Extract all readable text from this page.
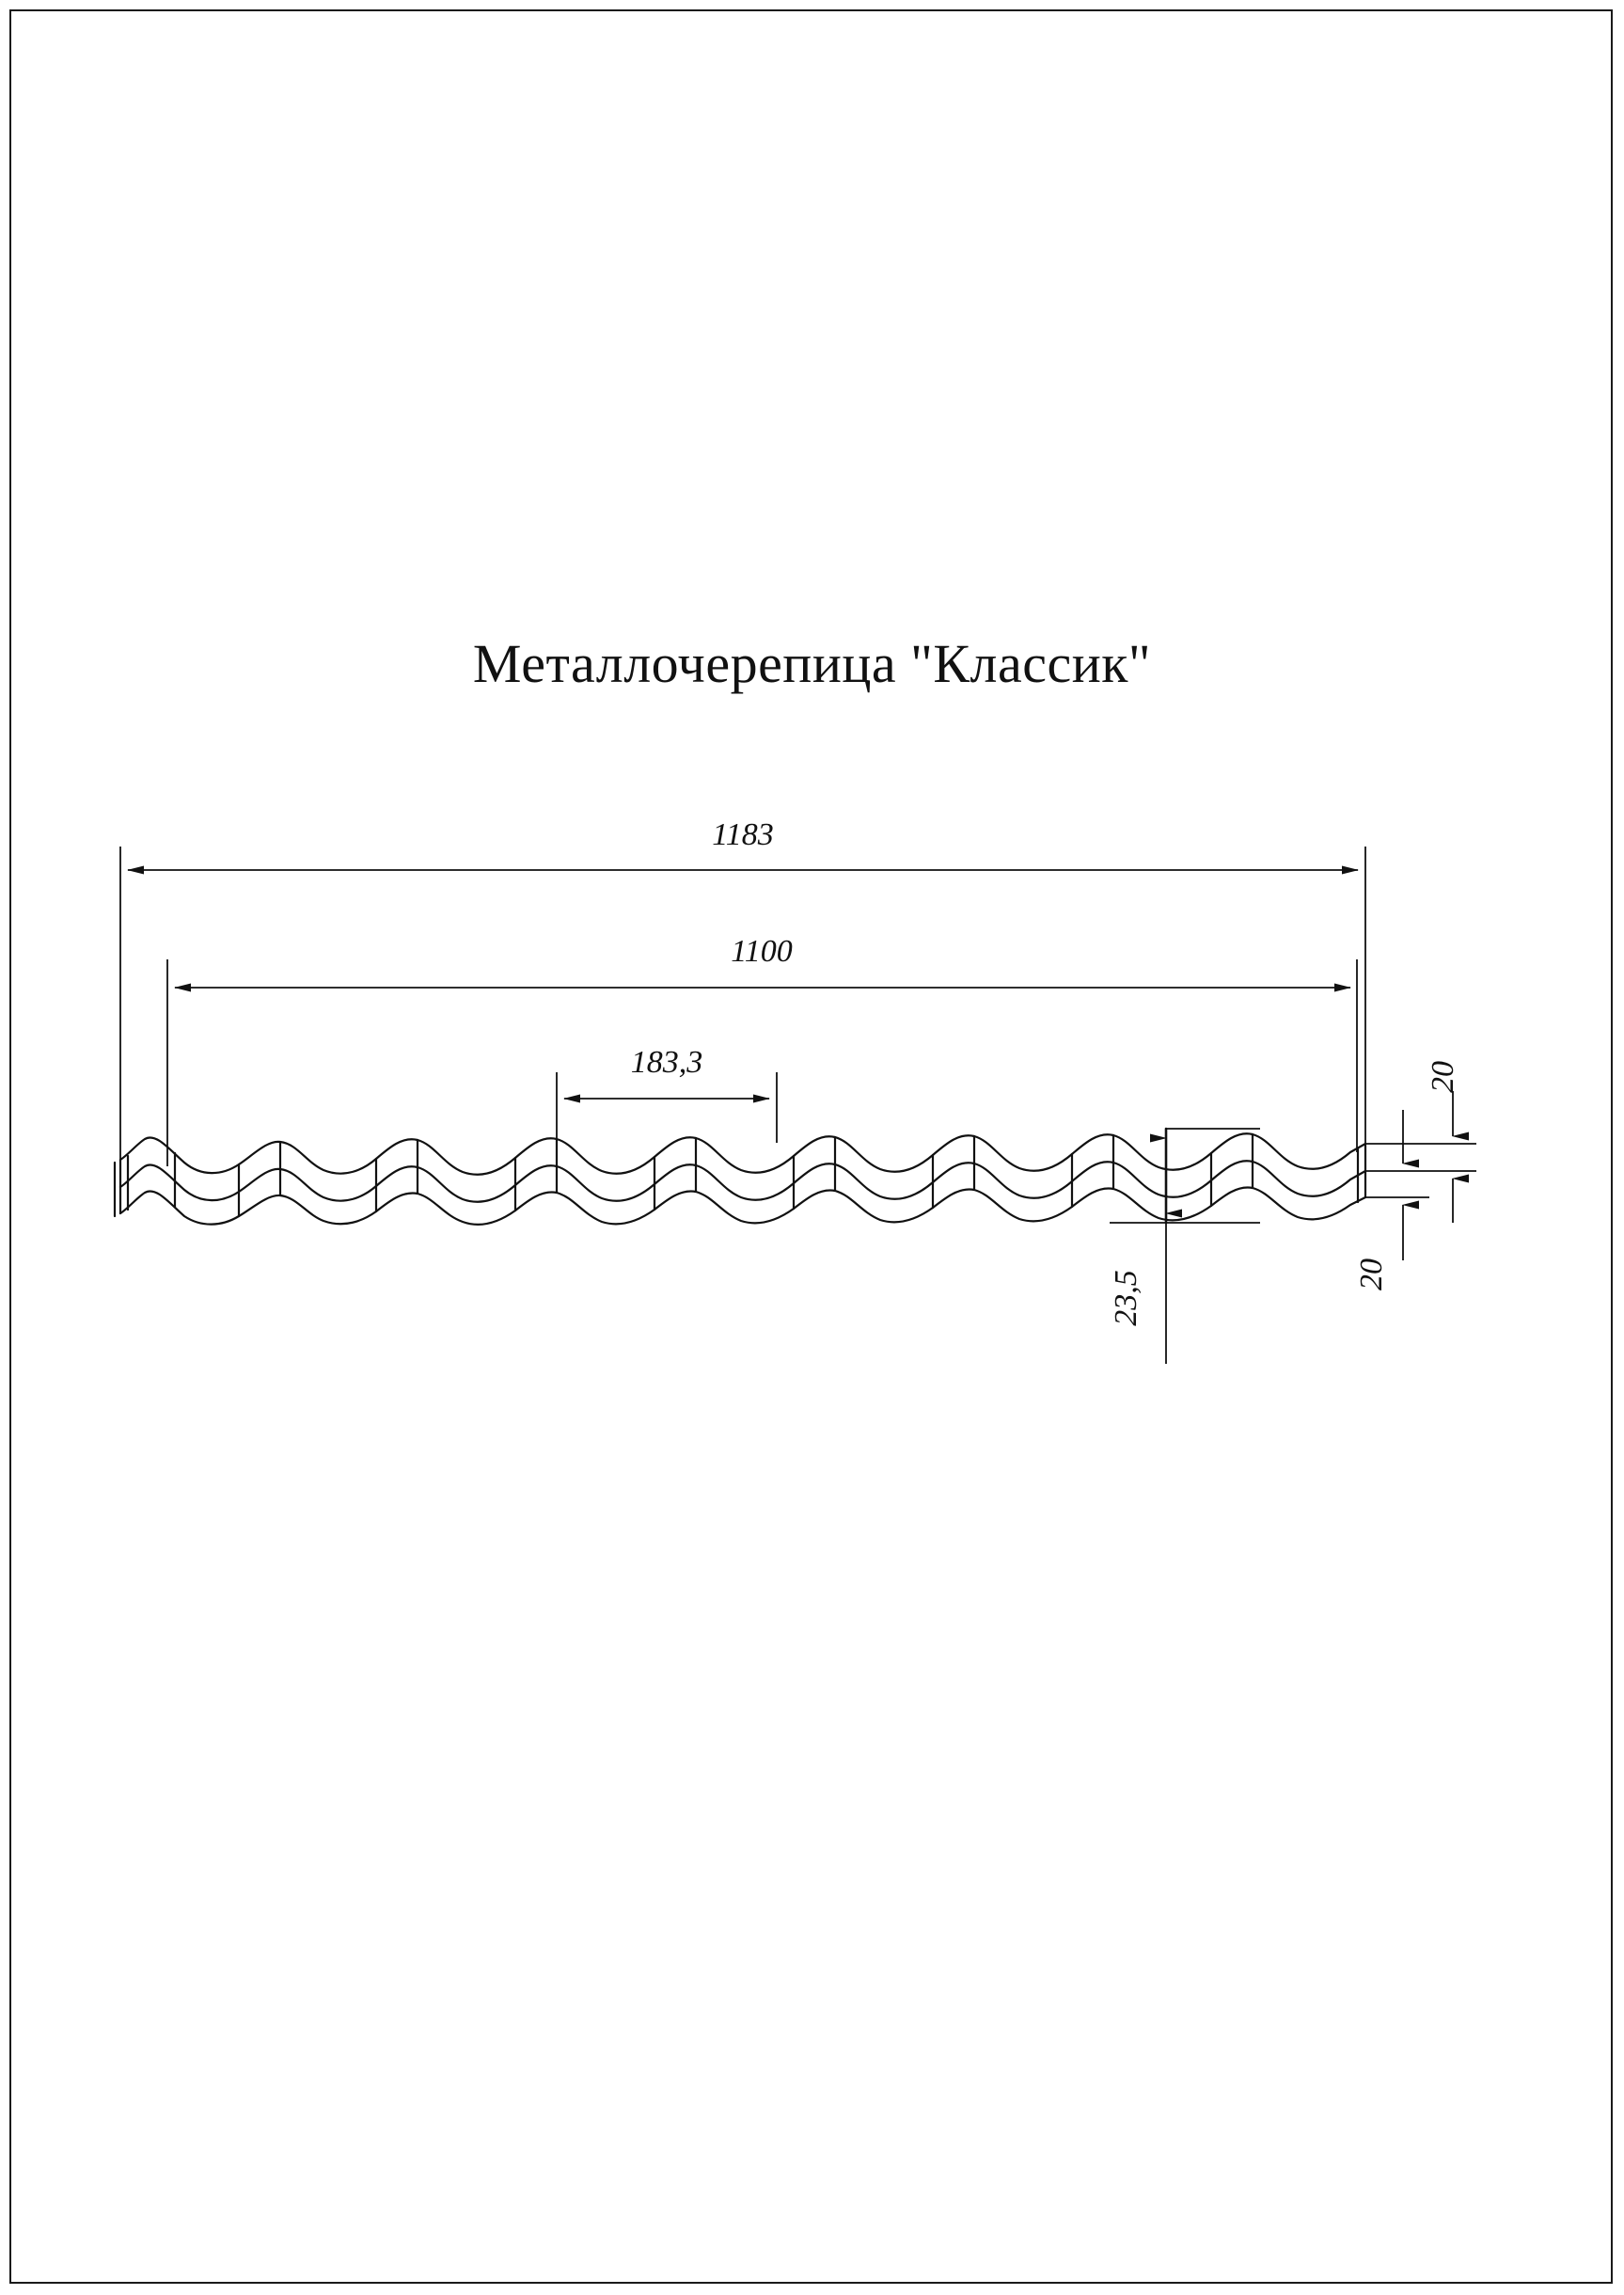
Металлочерепица "Классик"
1183
1100
183,3
23,5
20
20
